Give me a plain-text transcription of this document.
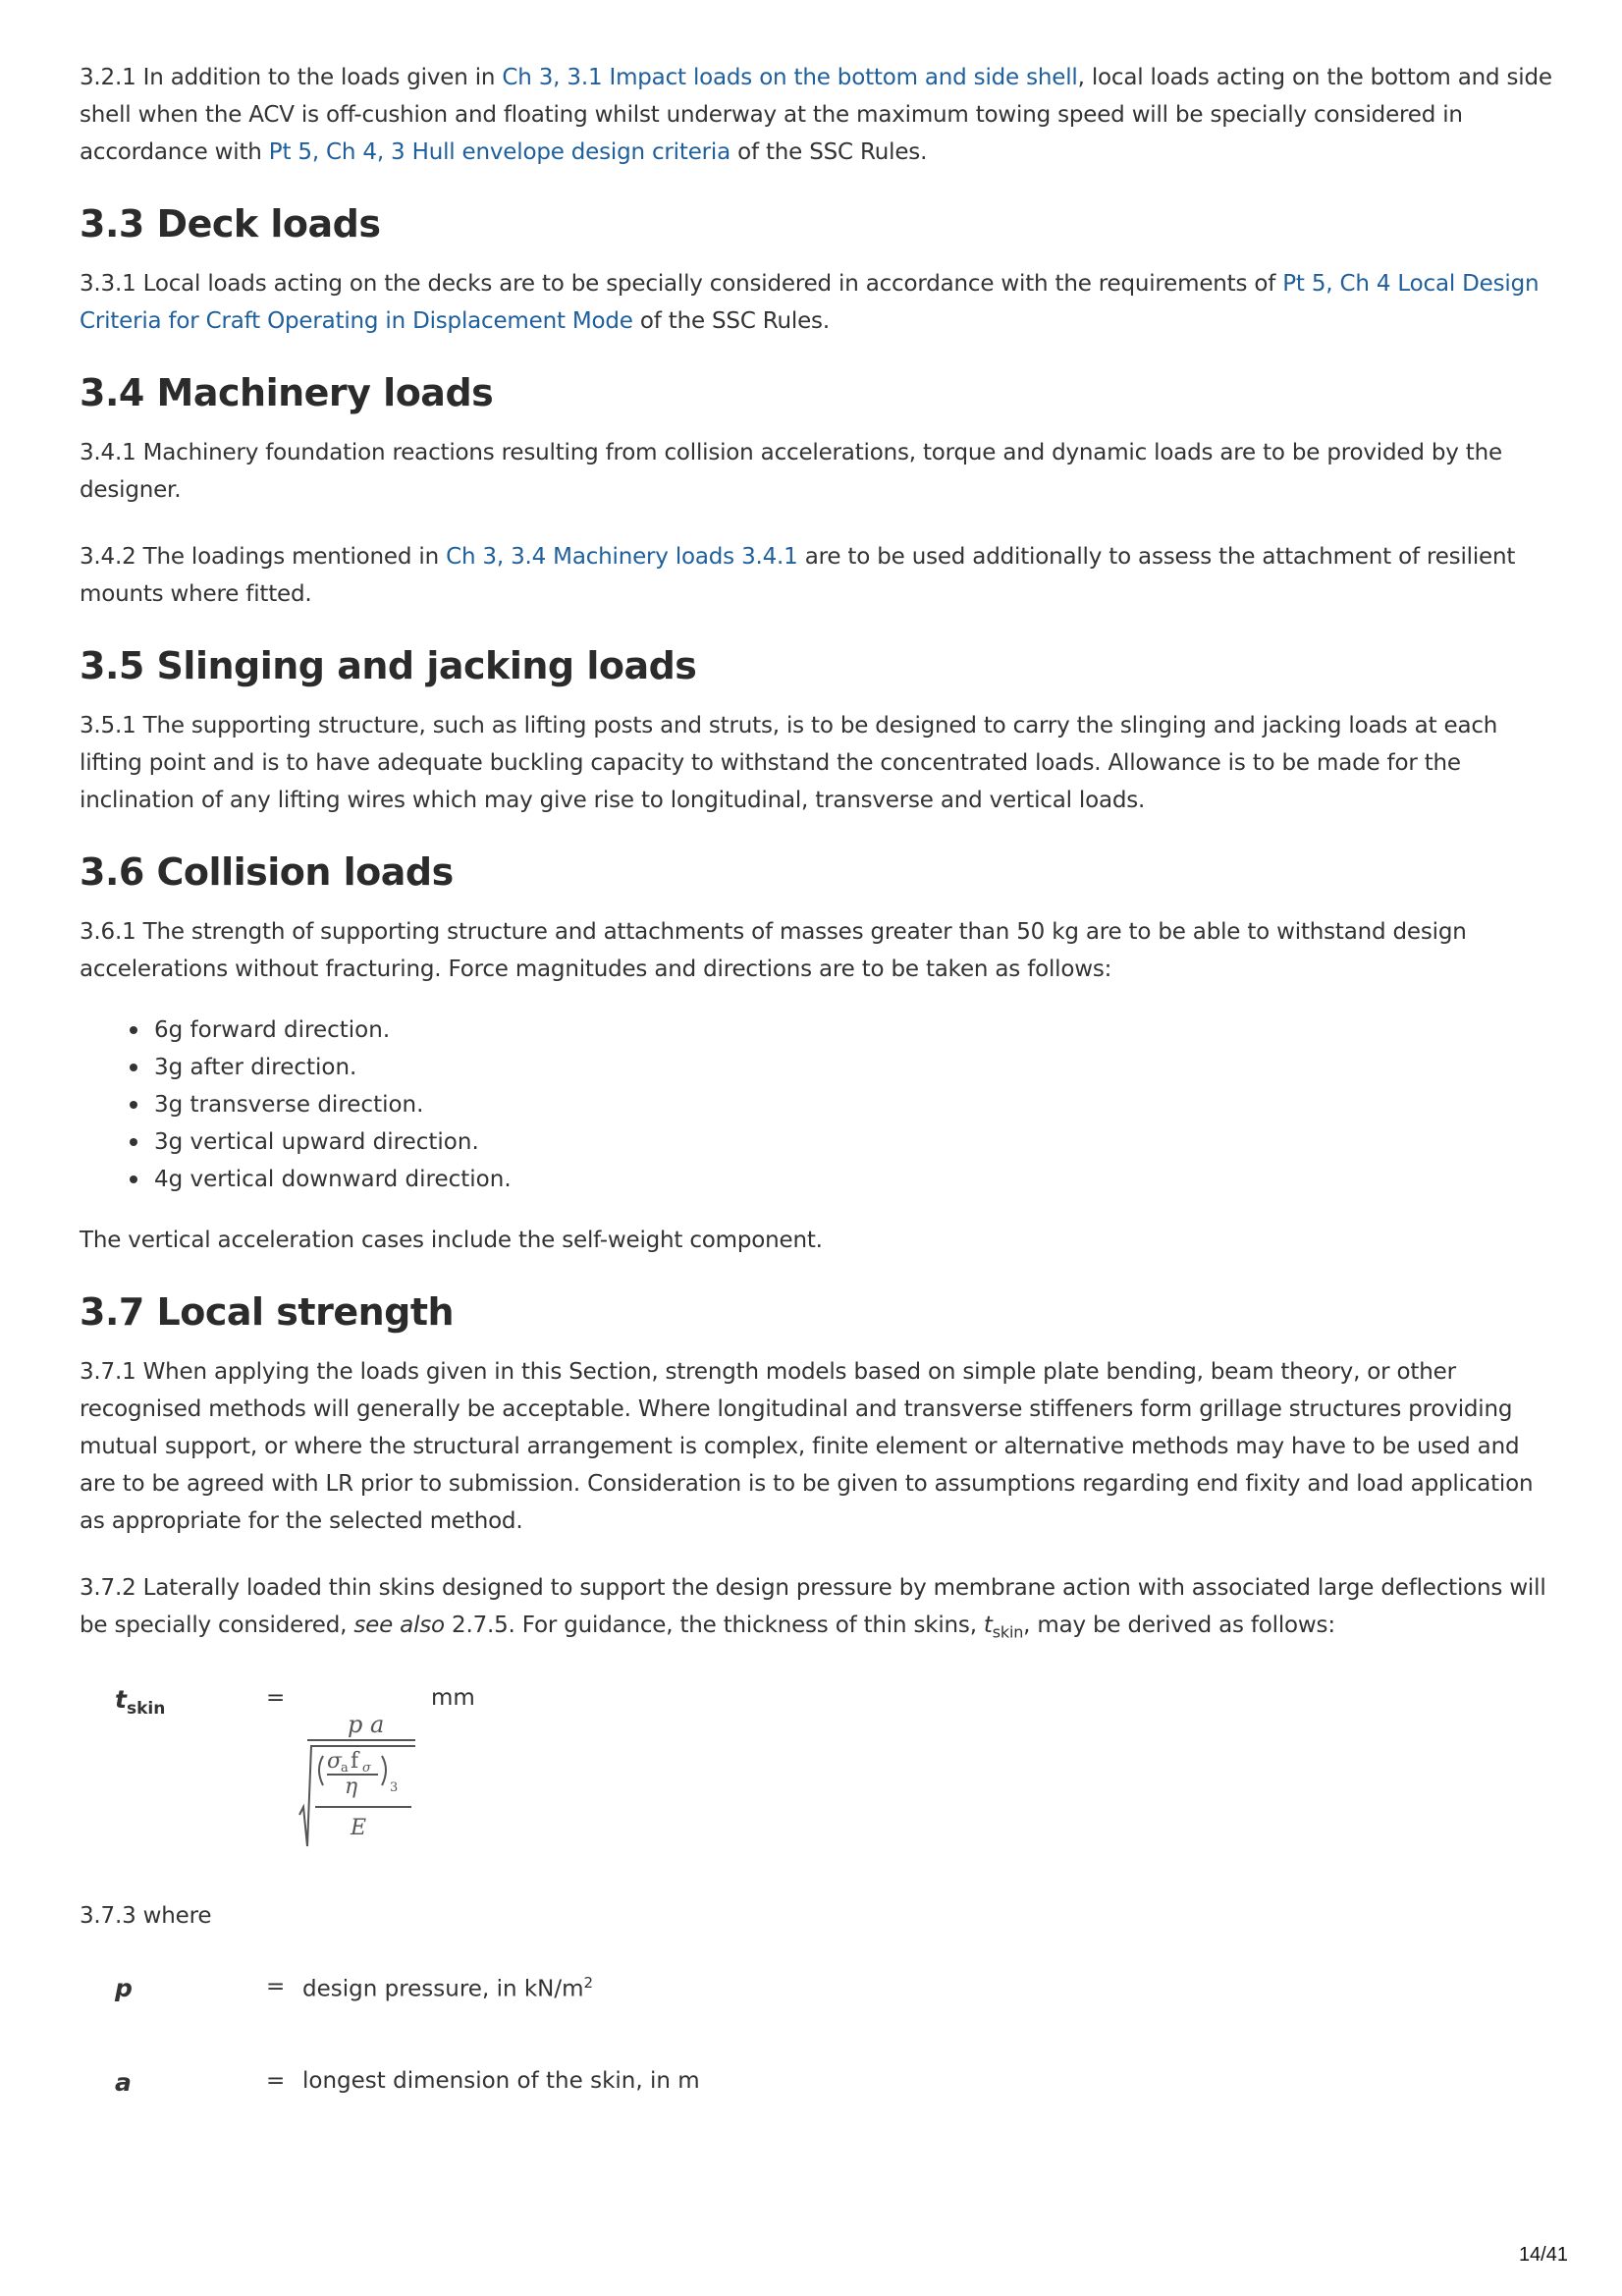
3.2.1 In addition to the loads given in Ch 3, 3.1 Impact loads on the bottom and side shell, local loads acting on the bottom and side shell when the ACV is off-cushion and floating whilst underway at the maximum towing speed will be specially considered in accordance with Pt 5, Ch 4, 3 Hull envelope design criteria of the SSC Rules.

3.3 Deck loads

3.3.1 Local loads acting on the decks are to be specially considered in accordance with the requirements of Pt 5, Ch 4 Local Design Criteria for Craft Operating in Displacement Mode of the SSC Rules.

3.4 Machinery loads

3.4.1 Machinery foundation reactions resulting from collision accelerations, torque and dynamic loads are to be provided by the designer.

3.4.2 The loadings mentioned in Ch 3, 3.4 Machinery loads 3.4.1 are to be used additionally to assess the attachment of resilient mounts where fitted.

3.5 Slinging and jacking loads

3.5.1 The supporting structure, such as lifting posts and struts, is to be designed to carry the slinging and jacking loads at each lifting point and is to have adequate buckling capacity to withstand the concentrated loads. Allowance is to be made for the inclination of any lifting wires which may give rise to longitudinal, transverse and vertical loads.

3.6 Collision loads

3.6.1 The strength of supporting structure and attachments of masses greater than 50 kg are to be able to withstand design accelerations without fracturing. Force magnitudes and directions are to be taken as follows:

6g forward direction.
3g after direction.
3g transverse direction.
3g vertical upward direction.
4g vertical downward direction.

The vertical acceleration cases include the self-weight component.

3.7 Local strength

3.7.1 When applying the loads given in this Section, strength models based on simple plate bending, beam theory, or other recognised methods will generally be acceptable. Where longitudinal and transverse stiffeners form grillage structures providing mutual support, or where the structural arrangement is complex, finite element or alternative methods may have to be used and are to be agreed with LR prior to submission. Consideration is to be given to assumptions regarding end fixity and load application as appropriate for the selected method.

3.7.2 Laterally loaded thin skins designed to support the design pressure by membrane action with associated large deflections will be specially considered, see also 2.7.5. For guidance, the thickness of thin skins, $t_{skin}$, may be derived as follows:

$t_{skin}$	=	mm
p a
σ
a f σ
η	3
E

3.7.3 where

p	= design pressure, in $kN/m^2$
a	= longest dimension of the skin, in m
14/41
